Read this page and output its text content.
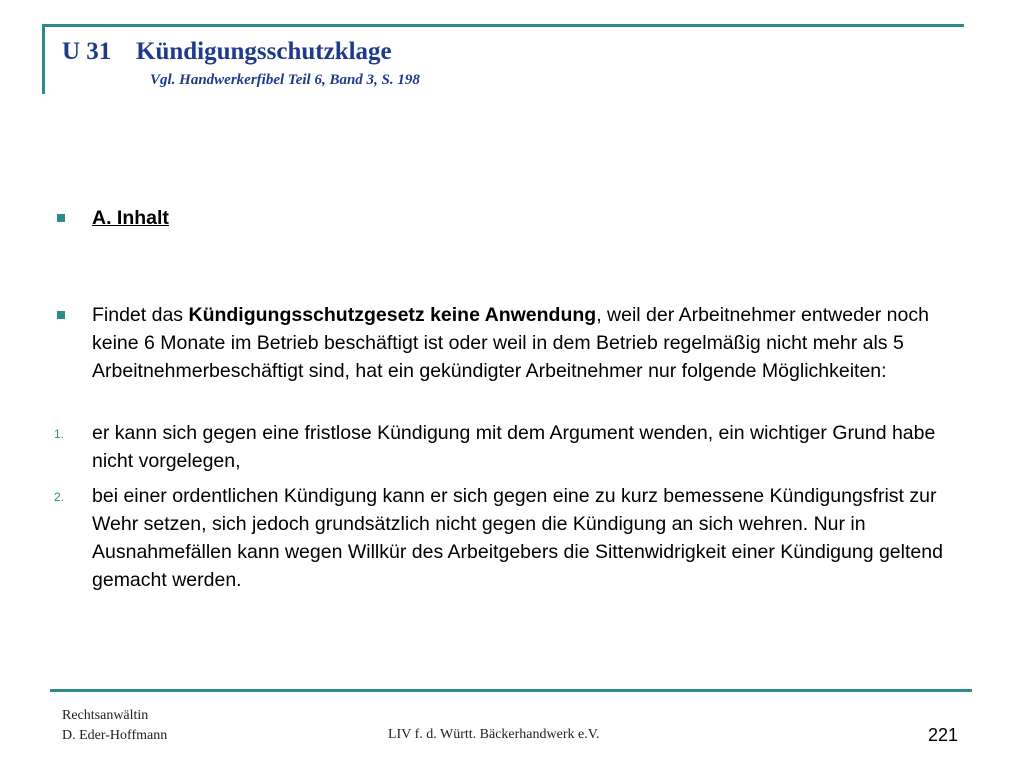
U 31 Kündigungsschutzklage
Vgl. Handwerkerfibel Teil 6, Band 3, S. 198
A. Inhalt
Findet das Kündigungsschutzgesetz keine Anwendung, weil der Arbeitnehmer entweder noch keine 6 Monate im Betrieb beschäftigt ist oder weil in dem Betrieb regelmäßig nicht mehr als 5 Arbeitnehmerbeschäftigt sind, hat ein gekündigter Arbeitnehmer nur folgende Möglichkeiten:
1. er kann sich gegen eine fristlose Kündigung mit dem Argument wenden, ein wichtiger Grund habe nicht vorgelegen,
2. bei einer ordentlichen Kündigung kann er sich gegen eine zu kurz bemessene Kündigungsfrist zur Wehr setzen, sich jedoch grundsätzlich nicht gegen die Kündigung an sich wehren. Nur in Ausnahmefällen kann wegen Willkür des Arbeitgebers die Sittenwidrigkeit einer Kündigung geltend gemacht werden.
Rechtsanwältin
D. Eder-Hoffmann	LIV f. d. Württ. Bäckerhandwerk e.V.	221
